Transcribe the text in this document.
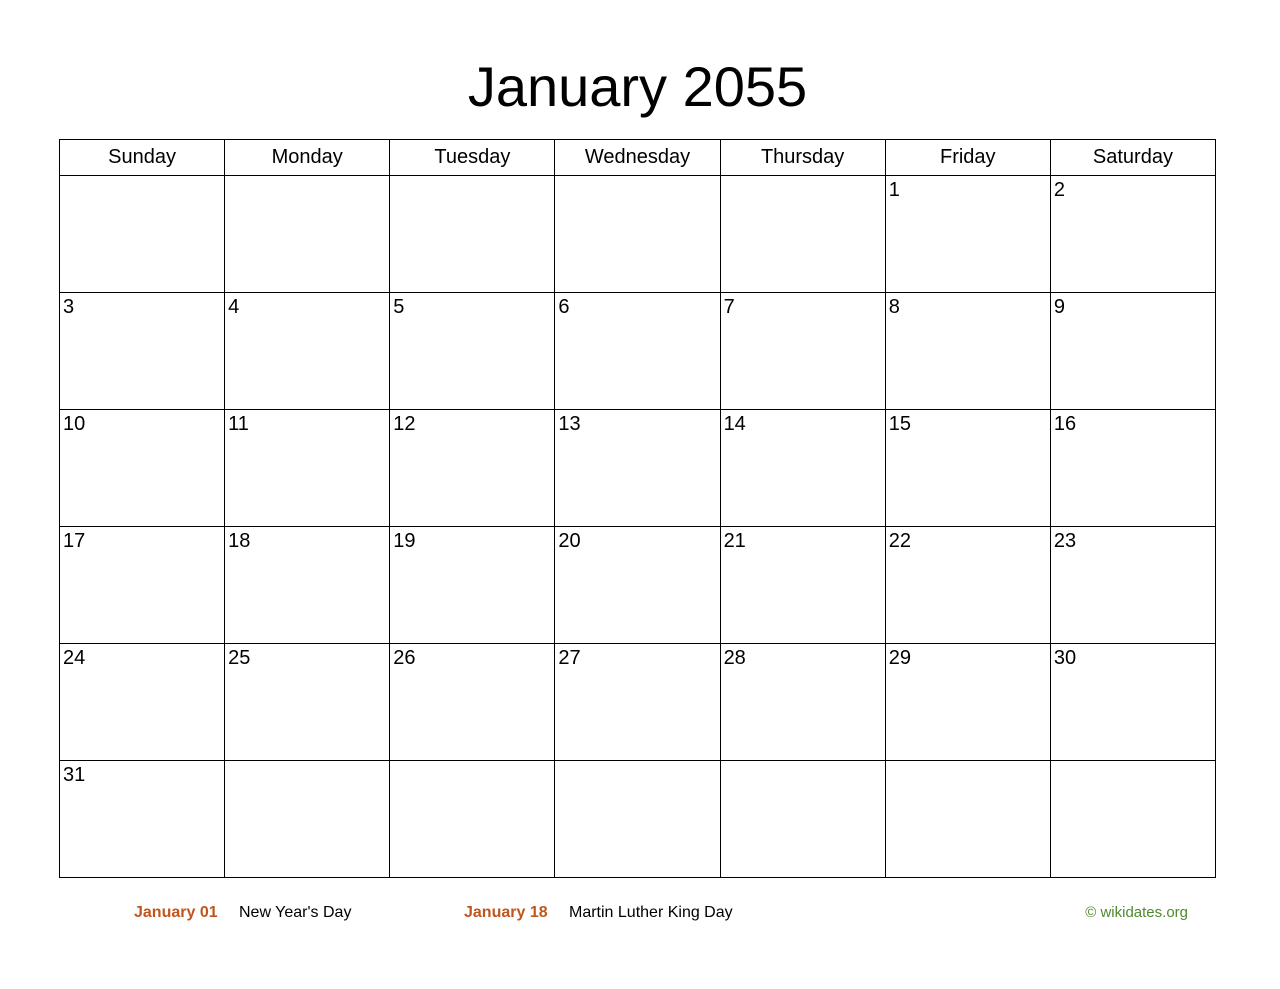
January 2055
Sunday	Monday	Tuesday	Wednesday	Thursday	Friday	Saturday

					1	2

3	4	5	6	7	8	9

10	11	12	13	14	15	16

17	18	19	20	21	22	23

24	25	26	27	28	29	30

31						

January 01 New Year's Day	January 18 Martin Luther King Day	© wikidates.org
